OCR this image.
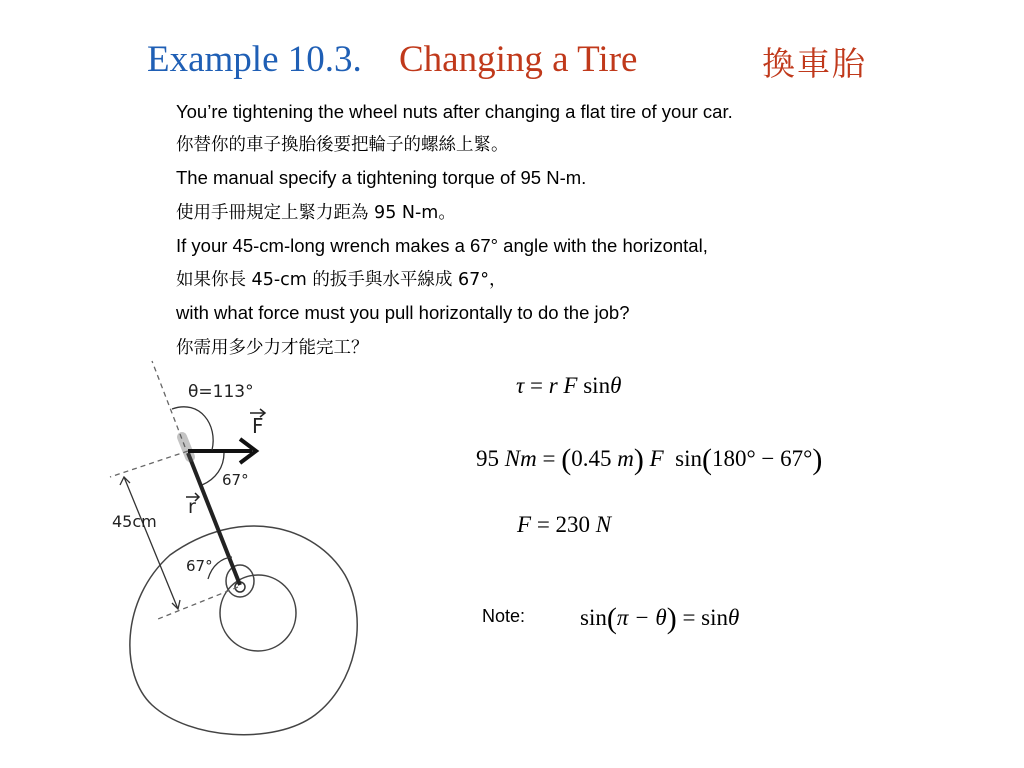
Example 10.3. Changing a Tire	換車胎
You’re tightening the wheel nuts after changing a flat tire of your car.
你替你的車子換胎後要把輪子的螺絲上緊。
The manual specify a tightening torque of 95 N-m.
使用手冊規定上緊力距為 95 N-m。
If your 45-cm-long wrench makes a 67° angle with the horizontal,
如果你長 45-cm 的扳手與水平線成 67°，
with what force must you pull horizontally to do the job?
你需用多少力才能完工？
τ = r F sinθ
95 Nm = (0.45 m) F sin(180° − 67°)
F = 230 N
Note: sin(π − θ) = sinθ
θ=113°
F
67°
r
45cm
67°
